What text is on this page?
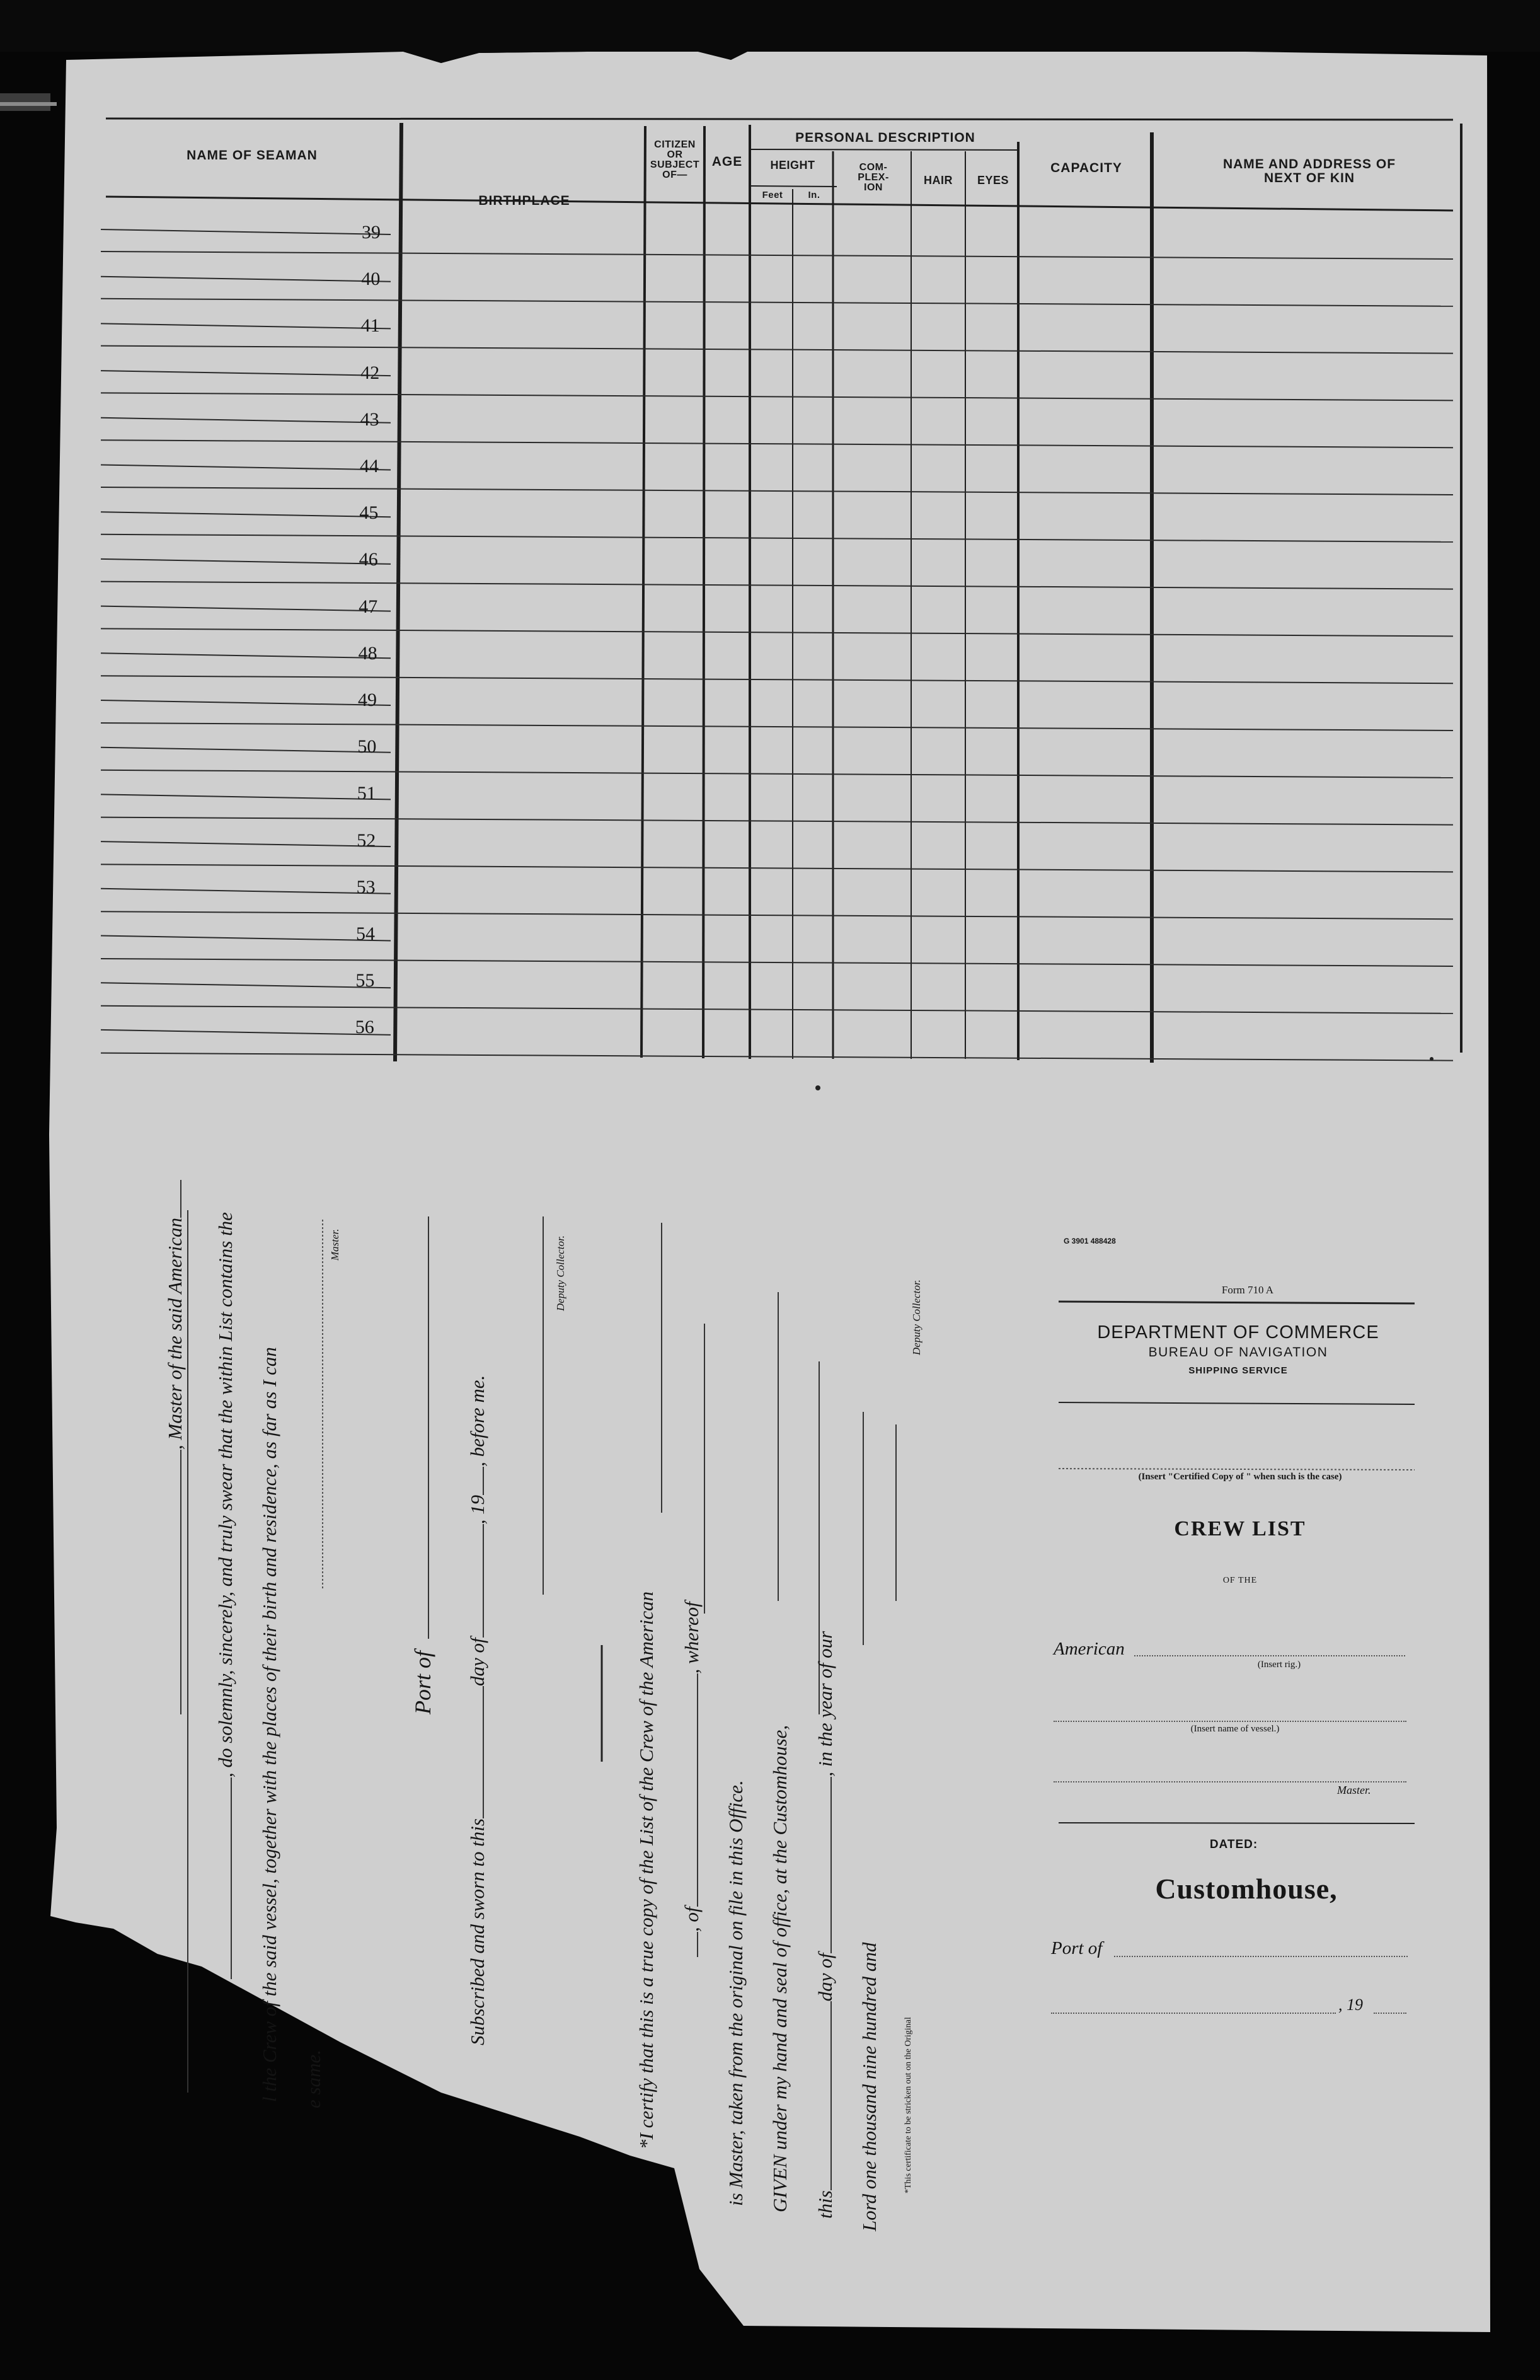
NAME OF SEAMAN
BIRTHPLACE
CITIZEN OR SUBJECT OF—
AGE
PERSONAL DESCRIPTION
HEIGHT
Feet	In.
COM- PLEX- ION
HAIR EYES
CAPACITY	NAME AND ADDRESS OF NEXT OF KIN
39
40
41
42
43
44
45
46
47
48
49
50
51
52
53
54
55
56
, Master of the said American , do solemnly, sincerely, and truly swear that the within List contains the l the Crew of the said vessel, together with the places of their birth and residence, as far as I can e same.
Master.
Port of
Subscribed and sworn to thisday of, 19, before me.
Deputy Collector.
*I certify that this is a true copy of the List of the Crew of the American , of, whereof
is Master, taken from the original on file in this Office. GIVEN under my hand and seal of office, at the Customhouse, thisday of, in the year of our
Lord one thousand nine hundred and
Deputy Collector.
*This certificate to be stricken out on the Original
G 3901 488428
Form 710 A
DEPARTMENT OF COMMERCE
BUREAU OF NAVIGATION
SHIPPING SERVICE
(Insert "Certified Copy of " when such is the case)
CREW LIST
OF THE
American
(Insert rig.)
(Insert name of vessel.)
Master.
DATED:
Customhouse,
Port of
, 19
